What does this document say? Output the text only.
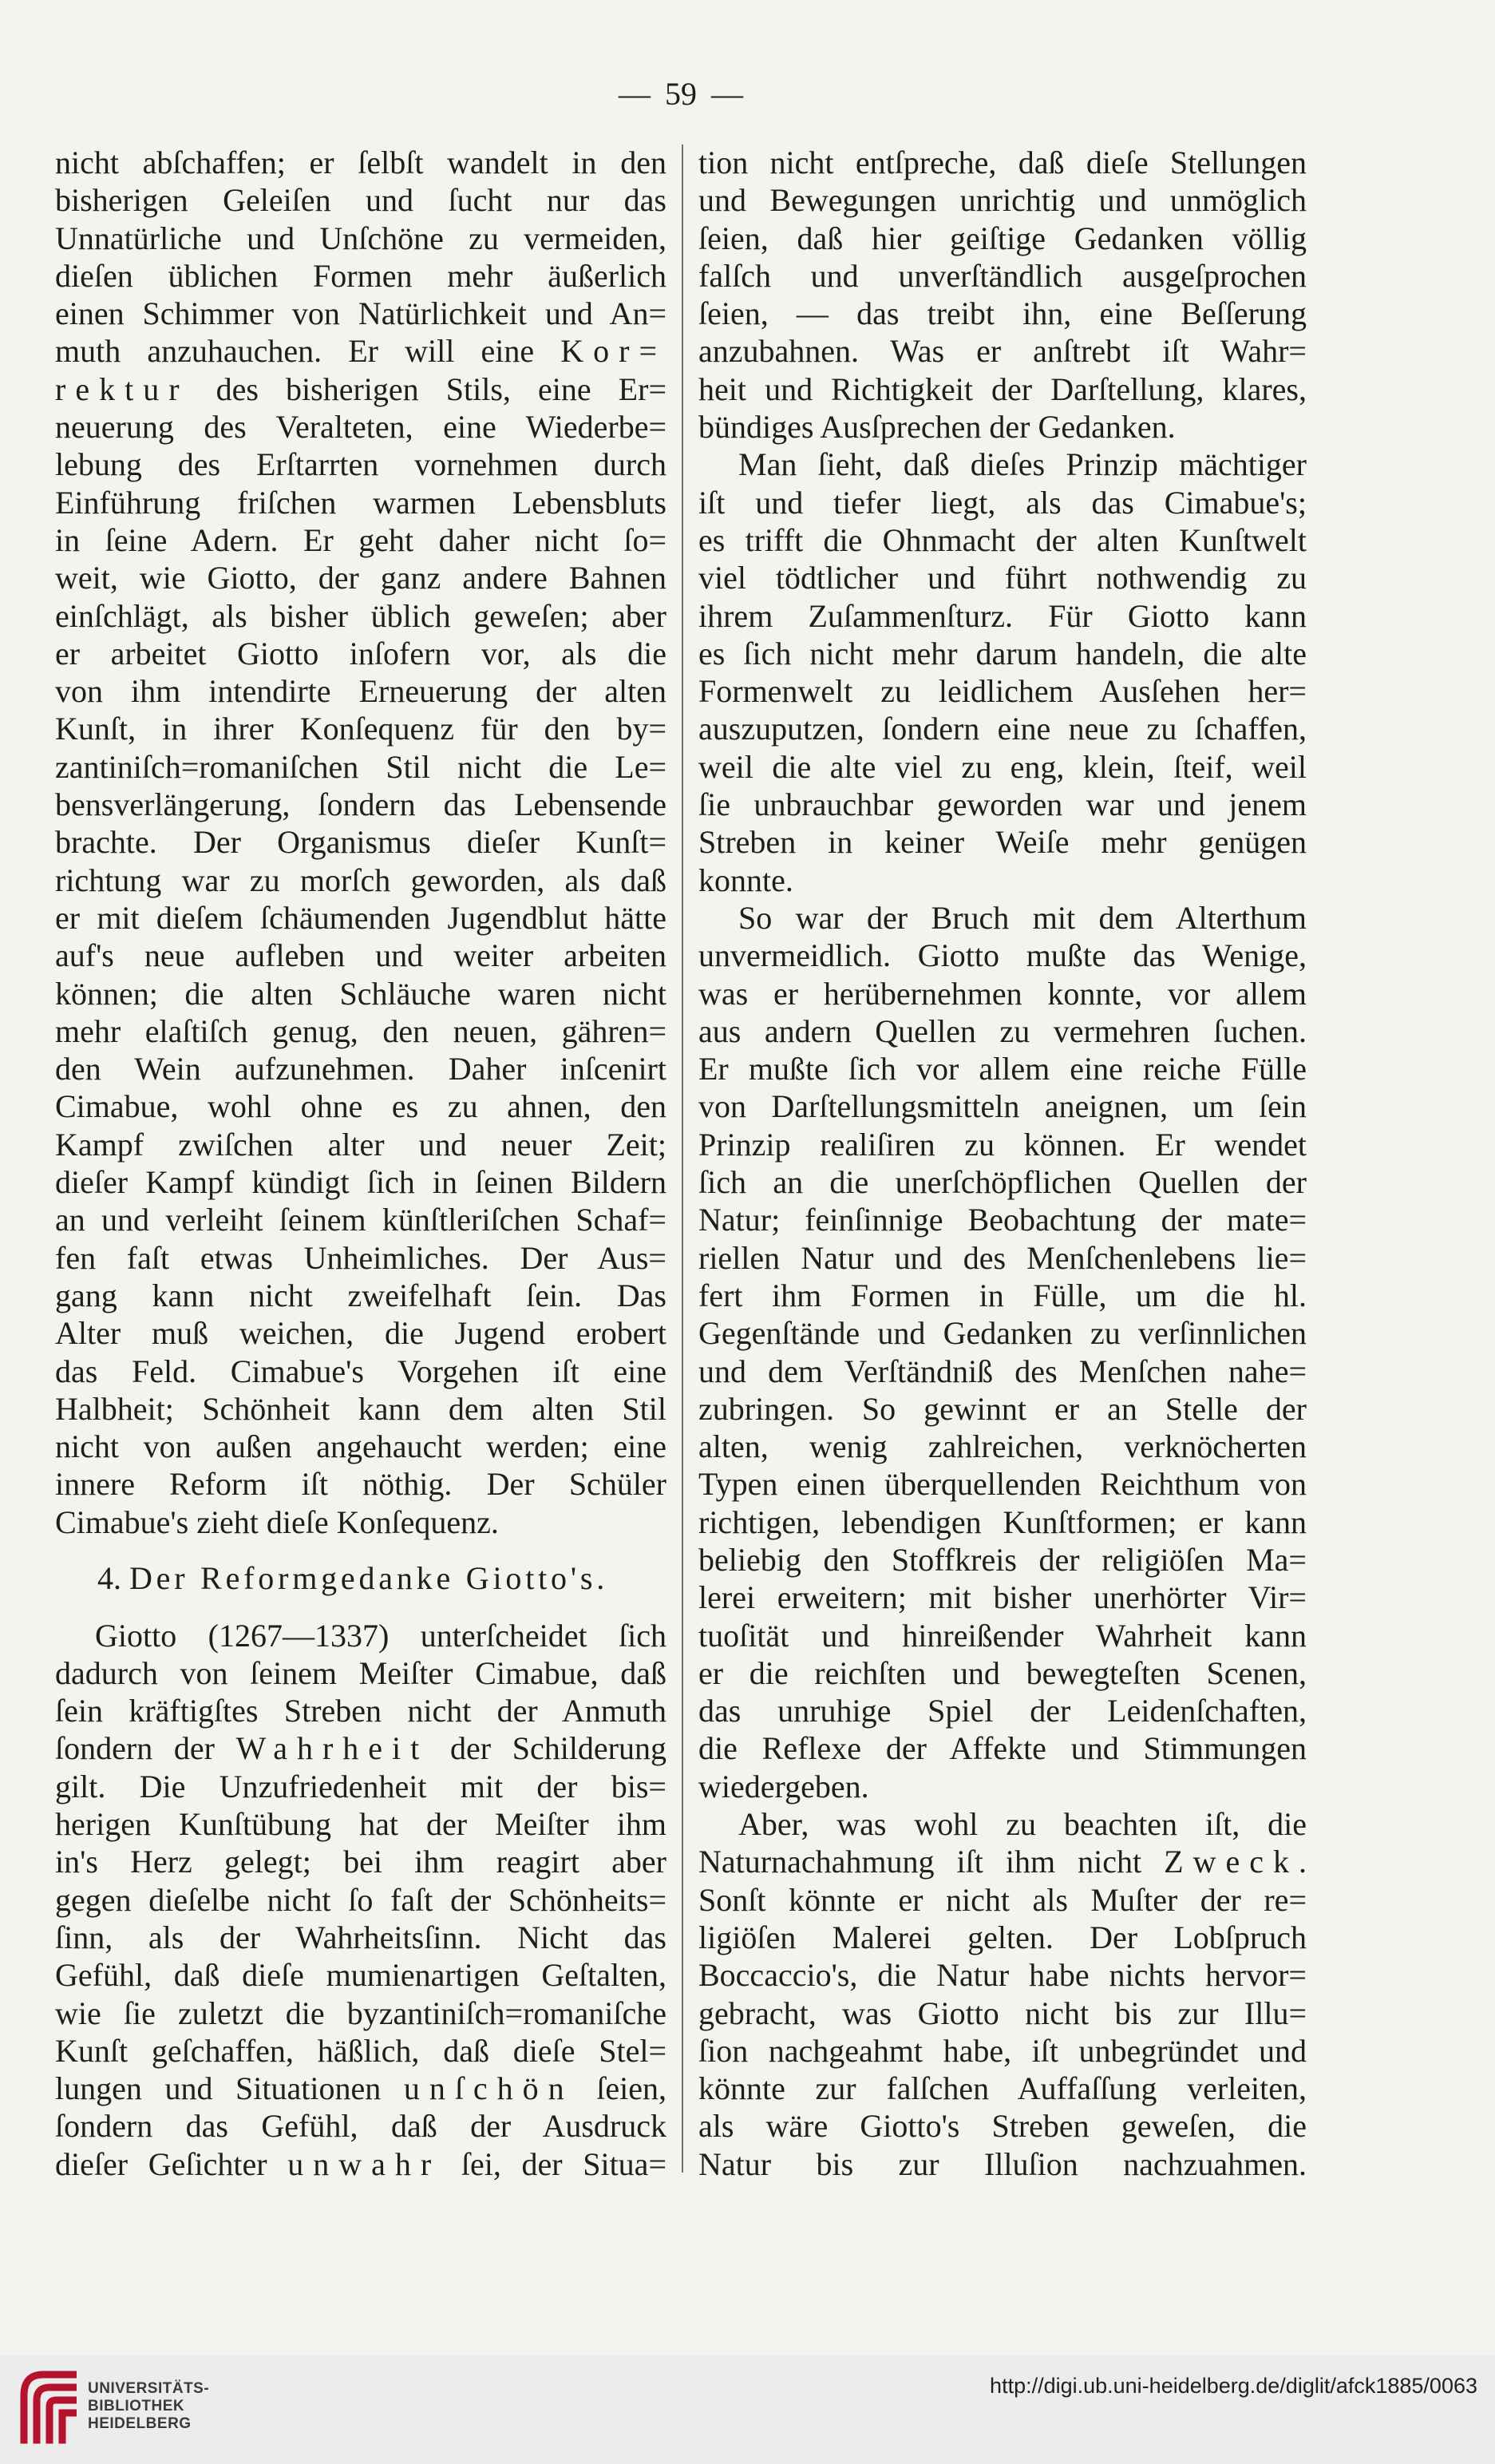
— 59 —
nicht abſchaffen; er ſelbſt wandelt in den
bisherigen Geleiſen und ſucht nur das
Unnatürliche und Unſchöne zu vermeiden,
dieſen üblichen Formen mehr äußerlich
einen Schimmer von Natürlichkeit und An=
muth anzuhauchen. Er will eine Kor=
rektur des bisherigen Stils, eine Er=
neuerung des Veralteten, eine Wiederbe=
lebung des Erſtarrten vornehmen durch
Einführung friſchen warmen Lebensbluts
in ſeine Adern. Er geht daher nicht ſo=
weit, wie Giotto, der ganz andere Bahnen
einſchlägt, als bisher üblich geweſen; aber
er arbeitet Giotto inſofern vor, als die
von ihm intendirte Erneuerung der alten
Kunſt, in ihrer Konſequenz für den by=
zantiniſch=romaniſchen Stil nicht die Le=
bensverlängerung, ſondern das Lebensende
brachte. Der Organismus dieſer Kunſt=
richtung war zu morſch geworden, als daß
er mit dieſem ſchäumenden Jugendblut hätte
auf's neue aufleben und weiter arbeiten
können; die alten Schläuche waren nicht
mehr elaſtiſch genug, den neuen, gähren=
den Wein aufzunehmen. Daher inſcenirt
Cimabue, wohl ohne es zu ahnen, den
Kampf zwiſchen alter und neuer Zeit;
dieſer Kampf kündigt ſich in ſeinen Bildern
an und verleiht ſeinem künſtleriſchen Schaf=
fen faſt etwas Unheimliches. Der Aus=
gang kann nicht zweifelhaft ſein. Das
Alter muß weichen, die Jugend erobert
das Feld. Cimabue's Vorgehen iſt eine
Halbheit; Schönheit kann dem alten Stil
nicht von außen angehaucht werden; eine
innere Reform iſt nöthig. Der Schüler
Cimabue's zieht dieſe Konſequenz.
4. Der Reformgedanke Giotto's.
Giotto (1267—1337) unterſcheidet ſich
dadurch von ſeinem Meiſter Cimabue, daß
ſein kräftigſtes Streben nicht der Anmuth
ſondern der Wahrheit der Schilderung
gilt. Die Unzufriedenheit mit der bis=
herigen Kunſtübung hat der Meiſter ihm
in's Herz gelegt; bei ihm reagirt aber
gegen dieſelbe nicht ſo faſt der Schönheits=
ſinn, als der Wahrheitsſinn. Nicht das
Gefühl, daß dieſe mumienartigen Geſtalten,
wie ſie zuletzt die byzantiniſch=romaniſche
Kunſt geſchaffen, häßlich, daß dieſe Stel=
lungen und Situationen unſchön ſeien,
ſondern das Gefühl, daß der Ausdruck
dieſer Geſichter unwahr ſei, der Situa=
tion nicht entſpreche, daß dieſe Stellungen
und Bewegungen unrichtig und unmöglich
ſeien, daß hier geiſtige Gedanken völlig
falſch und unverſtändlich ausgeſprochen
ſeien, — das treibt ihn, eine Beſſerung
anzubahnen. Was er anſtrebt iſt Wahr=
heit und Richtigkeit der Darſtellung, klares,
bündiges Ausſprechen der Gedanken.
Man ſieht, daß dieſes Prinzip mächtiger
iſt und tiefer liegt, als das Cimabue's;
es trifft die Ohnmacht der alten Kunſtwelt
viel tödtlicher und führt nothwendig zu
ihrem Zuſammenſturz. Für Giotto kann
es ſich nicht mehr darum handeln, die alte
Formenwelt zu leidlichem Ausſehen her=
auszuputzen, ſondern eine neue zu ſchaffen,
weil die alte viel zu eng, klein, ſteif, weil
ſie unbrauchbar geworden war und jenem
Streben in keiner Weiſe mehr genügen
konnte.
So war der Bruch mit dem Alterthum
unvermeidlich. Giotto mußte das Wenige,
was er herübernehmen konnte, vor allem
aus andern Quellen zu vermehren ſuchen.
Er mußte ſich vor allem eine reiche Fülle
von Darſtellungsmitteln aneignen, um ſein
Prinzip realiſiren zu können. Er wendet
ſich an die unerſchöpflichen Quellen der
Natur; feinſinnige Beobachtung der mate=
riellen Natur und des Menſchenlebens lie=
fert ihm Formen in Fülle, um die hl.
Gegenſtände und Gedanken zu verſinnlichen
und dem Verſtändniß des Menſchen nahe=
zubringen. So gewinnt er an Stelle der
alten, wenig zahlreichen, verknöcherten
Typen einen überquellenden Reichthum von
richtigen, lebendigen Kunſtformen; er kann
beliebig den Stoffkreis der religiöſen Ma=
lerei erweitern; mit bisher unerhörter Vir=
tuoſität und hinreißender Wahrheit kann
er die reichſten und bewegteſten Scenen,
das unruhige Spiel der Leidenſchaften,
die Reflexe der Affekte und Stimmungen
wiedergeben.
Aber, was wohl zu beachten iſt, die
Naturnachahmung iſt ihm nicht Zweck.
Sonſt könnte er nicht als Muſter der re=
ligiöſen Malerei gelten. Der Lobſpruch
Boccaccio's, die Natur habe nichts hervor=
gebracht, was Giotto nicht bis zur Illu=
ſion nachgeahmt habe, iſt unbegründet und
könnte zur falſchen Auffaſſung verleiten,
als wäre Giotto's Streben geweſen, die
Natur bis zur Illuſion nachzuahmen.
UNIVERSITÄTS-
BIBLIOTHEK
HEIDELBERG
http://digi.ub.uni-heidelberg.de/diglit/afck1885/0063
